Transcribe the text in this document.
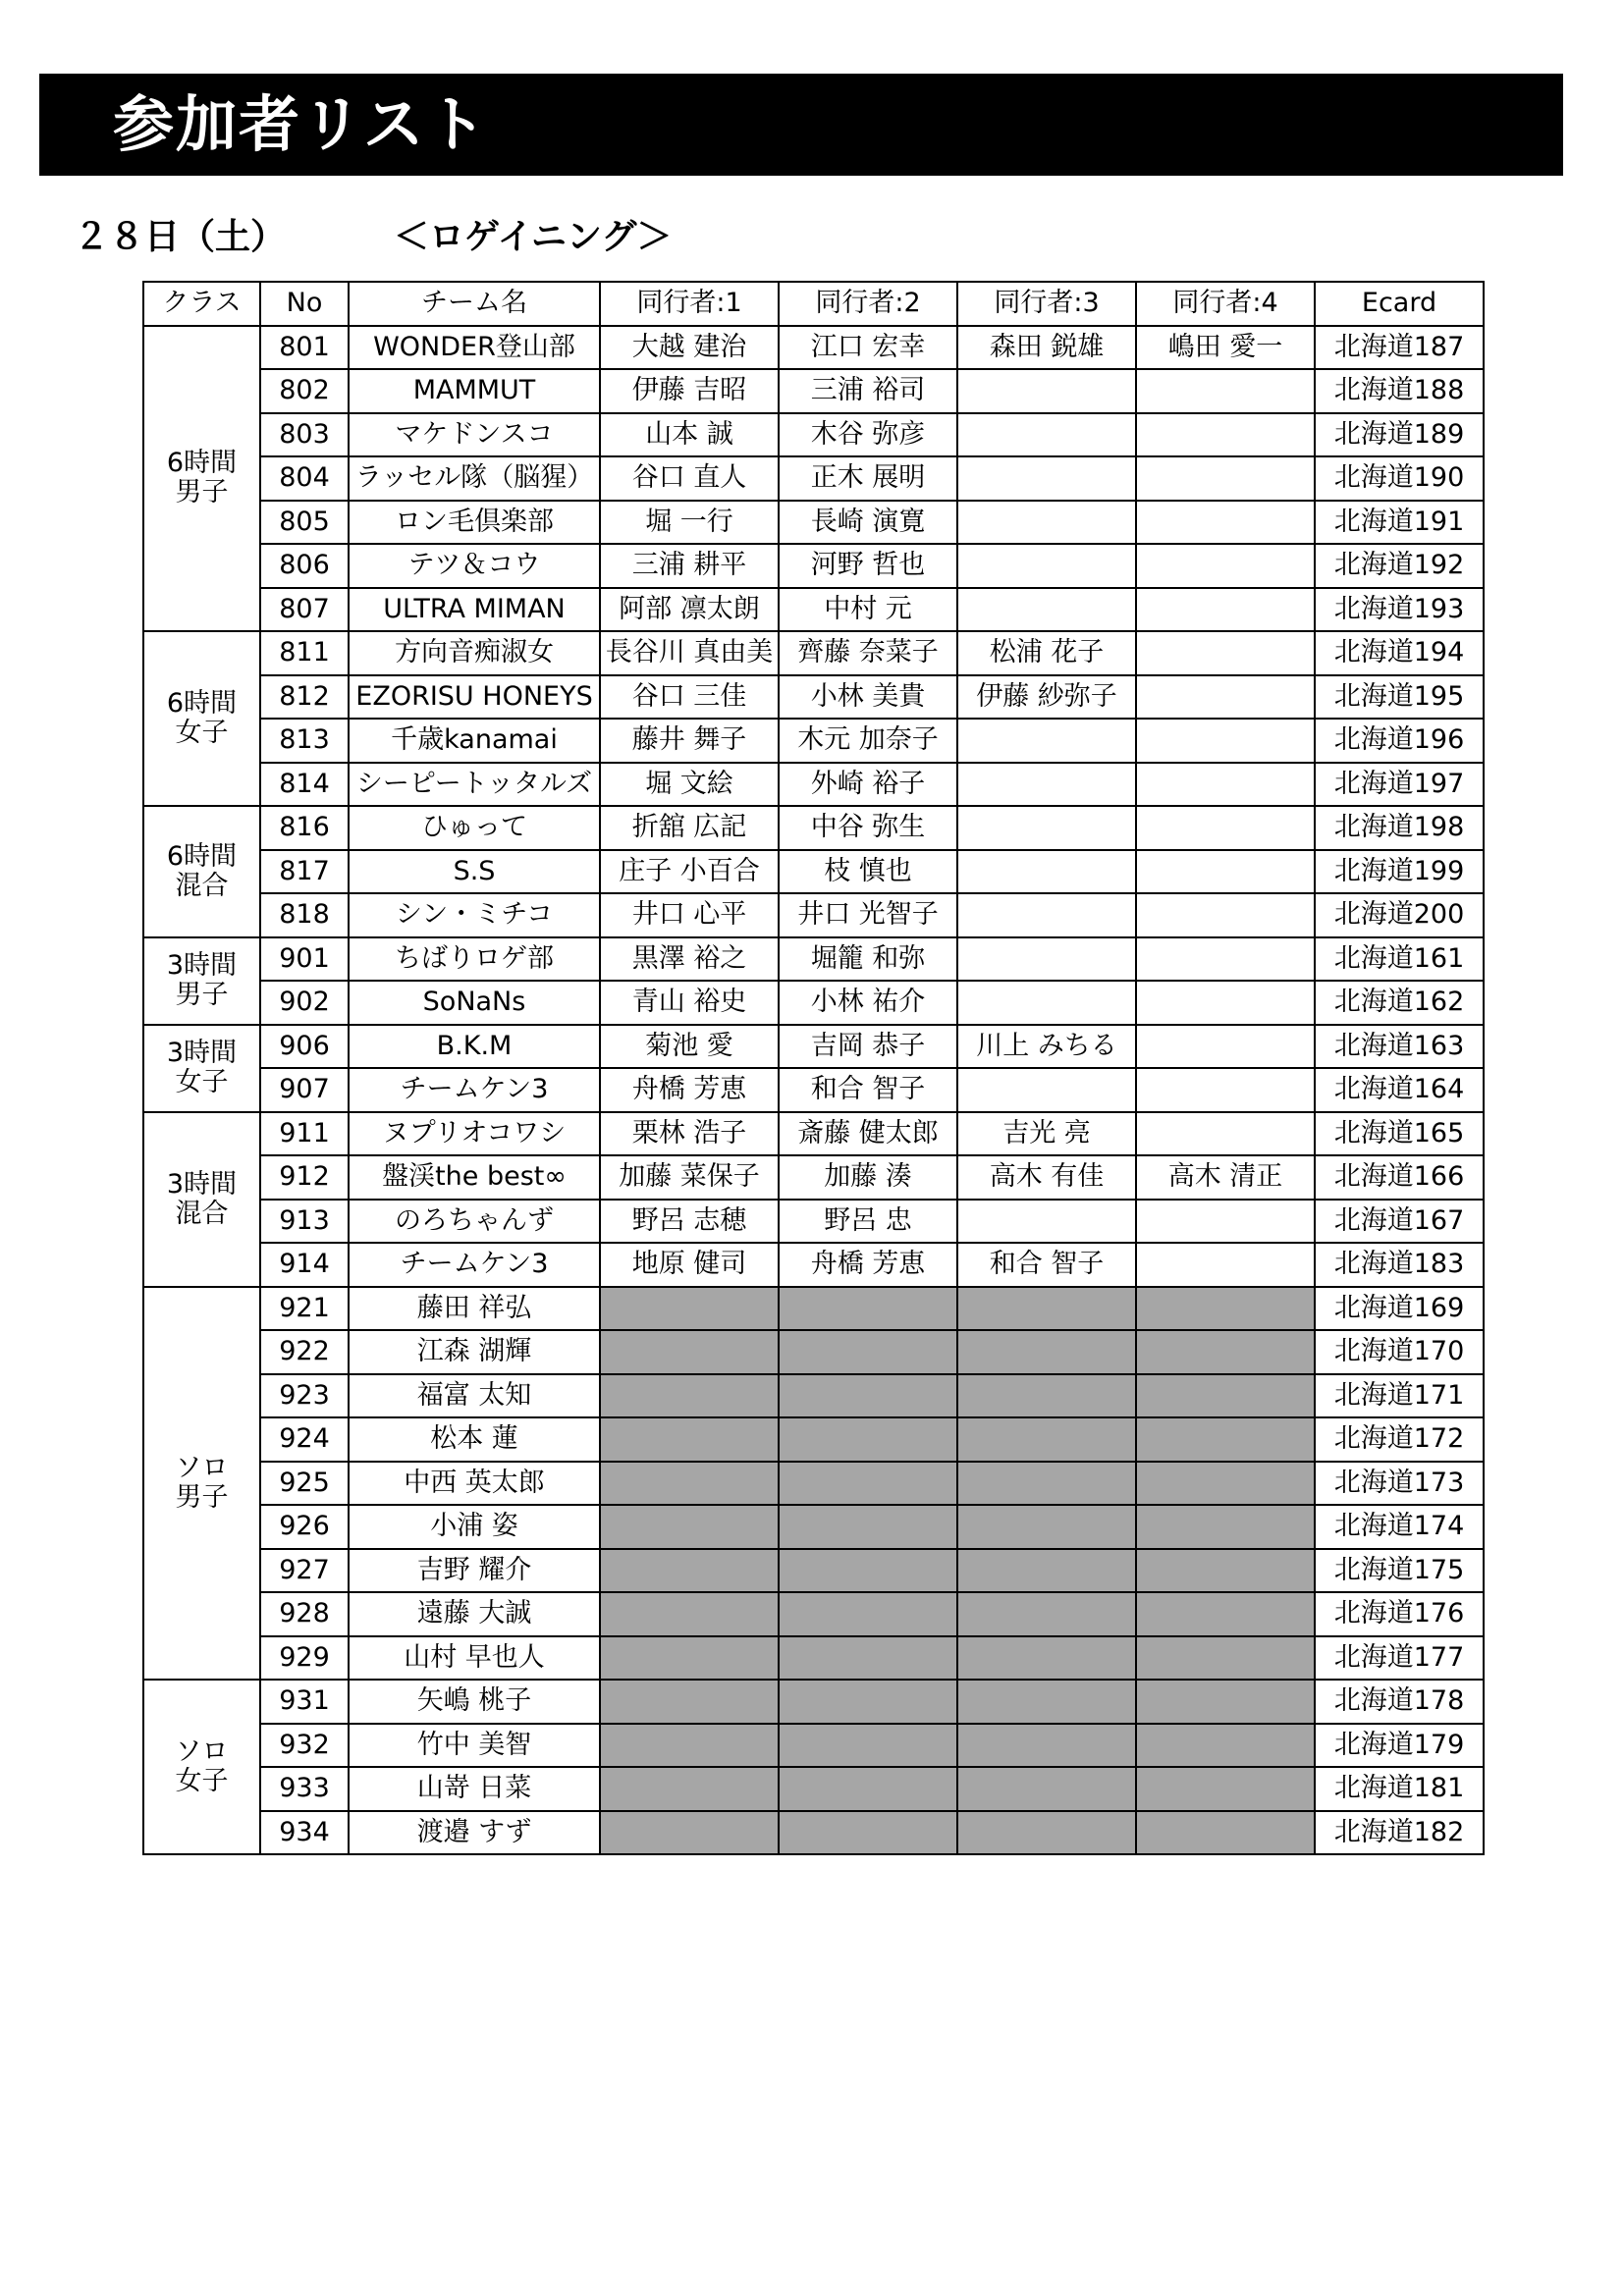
参加者リスト
２８日（土）	＜ロゲイニング＞
クラス	No	チーム名	同行者:1	同行者:2	同行者:3	同行者:4	Ecard

6時間
男子	801	WONDER登山部	大越 建治	江口 宏幸	森田 鋭雄	嶋田 愛一	北海道187
	802	MAMMUT	伊藤 吉昭	三浦 裕司			北海道188
	803	マケドンスコ	山本 誠	木谷 弥彦			北海道189
	804	ラッセル隊（脳猩）	谷口 直人	正木 展明			北海道190
	805	ロン毛倶楽部	堀 一行	長崎 演寛			北海道191
	806	テツ＆コウ	三浦 耕平	河野 哲也			北海道192
	807	ULTRA MIMAN	阿部 凛太朗	中村 元			北海道193

6時間
女子	811	方向音痴淑女	長谷川 真由美	齊藤 奈菜子	松浦 花子		北海道194
	812	EZORISU HONEYS	谷口 三佳	小林 美貴	伊藤 紗弥子		北海道195
	813	千歳kanamai	藤井 舞子	木元 加奈子			北海道196
	814	シーピートッタルズ	堀 文絵	外崎 裕子			北海道197

6時間
混合	816	ひゅって	折舘 広記	中谷 弥生			北海道198
	817	S.S	庄子 小百合	枝 慎也			北海道199
	818	シン・ミチコ	井口 心平	井口 光智子			北海道200

3時間
男子	901	ちばりロゲ部	黒澤 裕之	堀籠 和弥			北海道161
	902	SoNaNs	青山 裕史	小林 祐介			北海道162

3時間
女子	906	B.K.M	菊池 愛	吉岡 恭子	川上 みちる		北海道163
	907	チームケン3	舟橋 芳恵	和合 智子			北海道164

3時間
混合	911	ヌプリオコワシ	栗林 浩子	斎藤 健太郎	吉光 亮		北海道165
	912	盤渓the best∞	加藤 菜保子	加藤 湊	高木 有佳	高木 清正	北海道166
	913	のろちゃんず	野呂 志穂	野呂 忠			北海道167
	914	チームケン3	地原 健司	舟橋 芳恵	和合 智子		北海道183

ソロ
男子	921	藤田 祥弘					北海道169
	922	江森 湖輝					北海道170
	923	福富 太知					北海道171
	924	松本 蓮					北海道172
	925	中西 英太郎					北海道173
	926	小浦 姿					北海道174
	927	吉野 耀介					北海道175
	928	遠藤 大誠					北海道176
	929	山村 早也人					北海道177

ソロ
女子	931	矢嶋 桃子					北海道178
	932	竹中 美智					北海道179
	933	山嵜 日菜					北海道181
	934	渡邉 すず					北海道182
